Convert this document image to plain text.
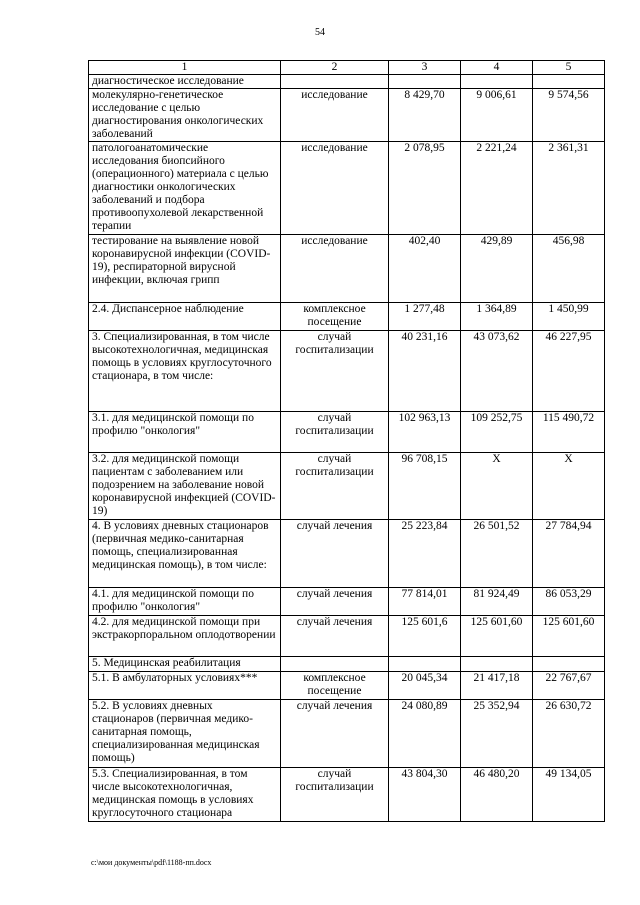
54
1	2	3	4	5
диагностическое исследование				
молекулярно-генетическое исследование с целью диагностирования онкологических заболеваний	исследование	8 429,70	9 006,61	9 574,56
патологоанатомические исследования биопсийного (операционного) материала с целью диагностики онкологических заболеваний и подбора противоопухолевой лекарственной терапии	исследование	2 078,95	2 221,24	2 361,31
тестирование на выявление новой коронавирусной инфекции (COVID-19), респираторной вирусной инфекции, включая грипп	исследование	402,40	429,89	456,98
2.4. Диспансерное наблюдение	комплексное посещение	1 277,48	1 364,89	1 450,99
3. Специализированная, в том числе высокотехнологичная, медицинская помощь в условиях круглосуточного стационара, в том числе:	случай госпитализации	40 231,16	43 073,62	46 227,95
3.1. для медицинской помощи по профилю "онкология"	случай госпитализации	102 963,13	109 252,75	115 490,72
3.2. для медицинской помощи пациентам с заболеванием или подозрением на заболевание новой коронавирусной инфекцией (COVID-19)	случай госпитализации	96 708,15	X	X
4. В условиях дневных стационаров (первичная медико-санитарная помощь, специализированная медицинская помощь), в том числе:	случай лечения	25 223,84	26 501,52	27 784,94
4.1. для медицинской помощи по профилю "онкология"	случай лечения	77 814,01	81 924,49	86 053,29
4.2. для медицинской помощи при экстракорпоральном оплодотворении	случай лечения	125 601,6	125 601,60	125 601,60
5. Медицинская реабилитация				
5.1. В амбулаторных условиях***	комплексное посещение	20 045,34	21 417,18	22 767,67
5.2. В условиях дневных стационаров (первичная медико-санитарная помощь, специализированная медицинская помощь)	случай лечения	24 080,89	25 352,94	26 630,72
5.3. Специализированная, в том числе высокотехнологичная, медицинская помощь в условиях круглосуточного стационара	случай госпитализации	43 804,30	46 480,20	49 134,05
c:\мои документы\pdf\1188-пп.docx
